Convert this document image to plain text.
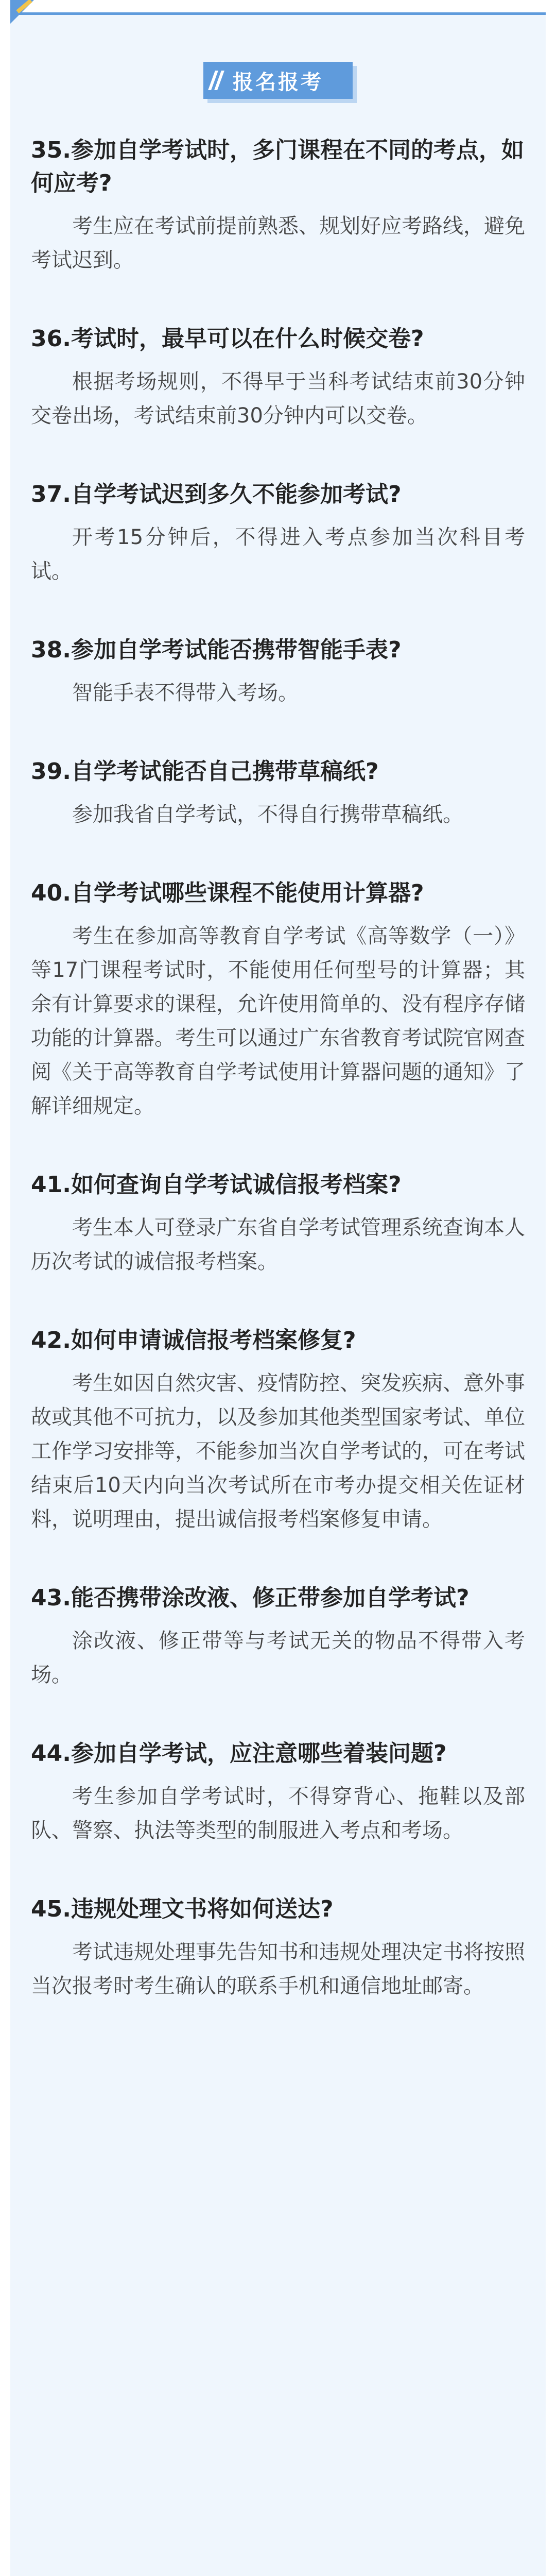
报名报考

35.参加自学考试时，多门课程在不同的考点，如何应考?

考生应在考试前提前熟悉、规划好应考路线，避免考试迟到。

36.考试时，最早可以在什么时候交卷?

根据考场规则，不得早于当科考试结束前30分钟交卷出场，考试结束前30分钟内可以交卷。

37.自学考试迟到多久不能参加考试?

开考15分钟后，不得进入考点参加当次科目考试。

38.参加自学考试能否携带智能手表?

智能手表不得带入考场。

39.自学考试能否自己携带草稿纸?

参加我省自学考试，不得自行携带草稿纸。

40.自学考试哪些课程不能使用计算器?

考生在参加高等教育自学考试《高等数学（一）》等17门课程考试时，不能使用任何型号的计算器；其余有计算要求的课程，允许使用简单的、没有程序存储功能的计算器。考生可以通过广东省教育考试院官网查阅《关于高等教育自学考试使用计算器问题的通知》了解详细规定。

41.如何查询自学考试诚信报考档案?

考生本人可登录广东省自学考试管理系统查询本人历次考试的诚信报考档案。

42.如何申请诚信报考档案修复?

考生如因自然灾害、疫情防控、突发疾病、意外事故或其他不可抗力，以及参加其他类型国家考试、单位工作学习安排等，不能参加当次自学考试的，可在考试结束后10天内向当次考试所在市考办提交相关佐证材料，说明理由，提出诚信报考档案修复申请。

43.能否携带涂改液、修正带参加自学考试?

涂改液、修正带等与考试无关的物品不得带入考场。

44.参加自学考试，应注意哪些着装问题?

考生参加自学考试时，不得穿背心、拖鞋以及部队、警察、执法等类型的制服进入考点和考场。

45.违规处理文书将如何送达?

考试违规处理事先告知书和违规处理决定书将按照当次报考时考生确认的联系手机和通信地址邮寄。
